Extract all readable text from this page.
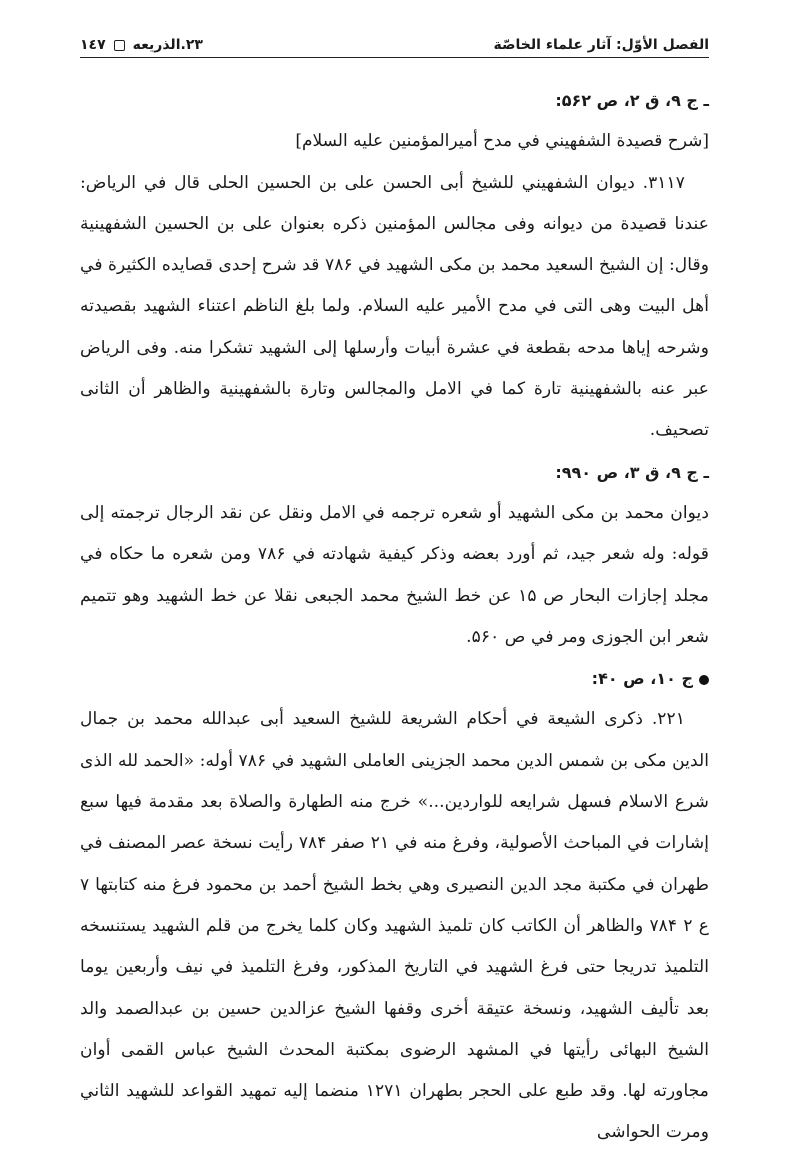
الفصل الأوّل: آثار علماء الخاصّة
٢٣.الذريعه
١٤٧

ـ ج ۹، ق ۲، ص ۵۶۲:

[شرح قصيدة الشفهيني في مدح أميرالمؤمنين عليه السلام]

٣١١٧. ديوان الشفهيني للشيخ أبى الحسن على بن الحسين الحلى قال في الرياض: عندنا قصيدة من ديوانه وفى مجالس المؤمنين ذكره بعنوان على بن الحسين الشفهينية وقال: إن الشيخ السعيد محمد بن مكى الشهيد في ۷۸۶ قد شرح إحدى قصايده الكثيرة في أهل البيت وهى التى في مدح الأمير عليه السلام. ولما بلغ الناظم اعتناء الشهيد بقصيدته وشرحه إياها مدحه بقطعة في عشرة أبيات وأرسلها إلى الشهيد تشكرا منه. وفى الرياض عبر عنه بالشفهينية تارة كما في الامل والمجالس وتارة بالشفهينية والظاهر أن الثانى تصحيف.

ـ ج ۹، ق ۳، ص ۹۹۰:

ديوان محمد بن مكى الشهيد أو شعره ترجمه في الامل ونقل عن نقد الرجال ترجمته إلى قوله: وله شعر جيد، ثم أورد بعضه وذكر كيفية شهادته في ۷۸۶ ومن شعره ما حكاه في مجلد إجازات البحار ص ۱۵ عن خط الشيخ محمد الجبعى نقلا عن خط الشهيد وهو تتميم شعر ابن الجوزى ومر في ص ۵۶۰.

ج ۱۰، ص ۴۰:

٢٢١. ذكرى الشيعة في أحكام الشريعة للشيخ السعيد أبى عبدالله محمد بن جمال الدين مكى بن شمس الدين محمد الجزينى العاملى الشهيد في ۷۸۶ أوله: «الحمد لله الذى شرع الاسلام فسهل شرايعه للواردين...» خرج منه الطهارة والصلاة بعد مقدمة فيها سبع إشارات في المباحث الأصولية، وفرغ منه في ۲۱ صفر ۷۸۴ رأيت نسخة عصر المصنف في طهران في مكتبة مجد الدين النصيرى وهي بخط الشيخ أحمد بن محمود فرغ منه كتابتها ۷ ع ۲ ۷۸۴ والظاهر أن الكاتب كان تلميذ الشهيد وكان كلما يخرج من قلم الشهيد يستنسخه التلميذ تدريجا حتى فرغ الشهيد في التاريخ المذكور، وفرغ التلميذ في نيف وأربعين يوما بعد تأليف الشهيد، ونسخة عتيقة أخرى وقفها الشيخ عزالدين حسين بن عبدالصمد والد الشيخ البهائى رأيتها في المشهد الرضوى بمكتبة المحدث الشيخ عباس القمى أوان مجاورته لها. وقد طبع على الحجر بطهران ۱۲۷۱ منضما إليه تمهيد القواعد للشهيد الثاني ومرت الحواشى
